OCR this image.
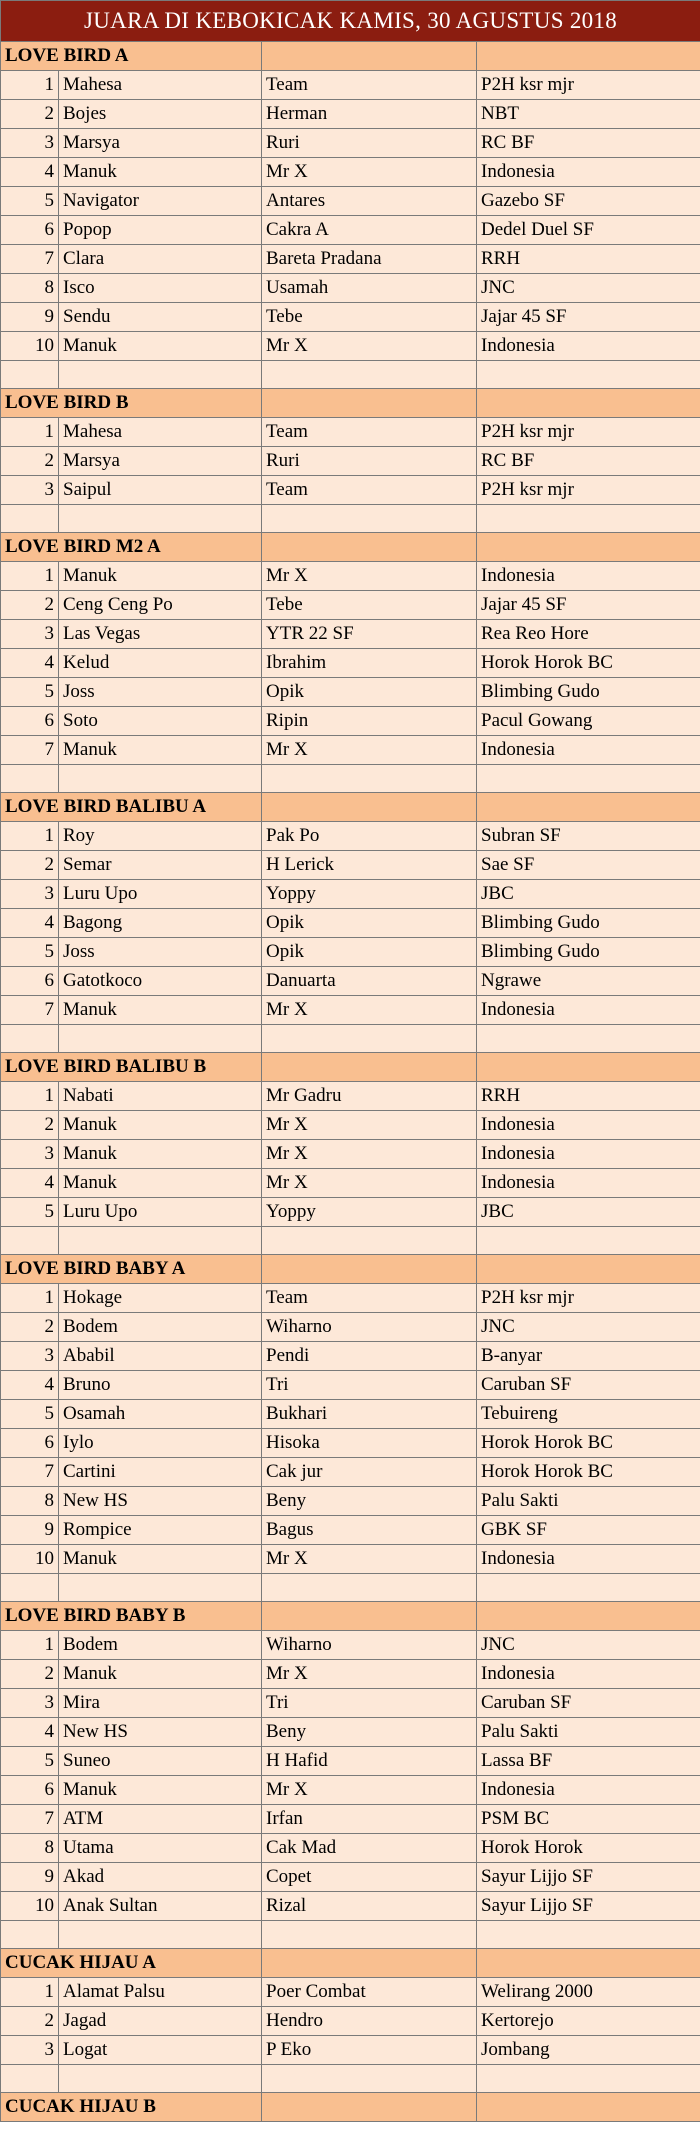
JUARA DI KEBOKICAK KAMIS, 30 AGUSTUS 2018			
LOVE BIRD A			
1	Mahesa	Team	P2H ksr mjr
2	Bojes	Herman	NBT
3	Marsya	Ruri	RC BF
4	Manuk	Mr X	Indonesia
5	Navigator	Antares	Gazebo SF
6	Popop	Cakra A	Dedel Duel SF
7	Clara	Bareta Pradana	RRH
8	Isco	Usamah	JNC
9	Sendu	Tebe	Jajar 45 SF
10	Manuk	Mr X	Indonesia

LOVE BIRD B			
1	Mahesa	Team	P2H ksr mjr
2	Marsya	Ruri	RC BF
3	Saipul	Team	P2H ksr mjr

LOVE BIRD M2 A			
1	Manuk	Mr X	Indonesia
2	Ceng Ceng Po	Tebe	Jajar 45 SF
3	Las Vegas	YTR 22 SF	Rea Reo Hore
4	Kelud	Ibrahim	Horok Horok BC
5	Joss	Opik	Blimbing Gudo
6	Soto	Ripin	Pacul Gowang
7	Manuk	Mr X	Indonesia

LOVE BIRD BALIBU A			
1	Roy	Pak Po	Subran SF
2	Semar	H Lerick	Sae SF
3	Luru Upo	Yoppy	JBC
4	Bagong	Opik	Blimbing Gudo
5	Joss	Opik	Blimbing Gudo
6	Gatotkoco	Danuarta	Ngrawe
7	Manuk	Mr X	Indonesia

LOVE BIRD BALIBU B			
1	Nabati	Mr Gadru	RRH
2	Manuk	Mr X	Indonesia
3	Manuk	Mr X	Indonesia
4	Manuk	Mr X	Indonesia
5	Luru Upo	Yoppy	JBC

LOVE BIRD BABY A			
1	Hokage	Team	P2H ksr mjr
2	Bodem	Wiharno	JNC
3	Ababil	Pendi	B-anyar
4	Bruno	Tri	Caruban SF
5	Osamah	Bukhari	Tebuireng
6	Iylo	Hisoka	Horok Horok BC
7	Cartini	Cak jur	Horok Horok BC
8	New HS	Beny	Palu Sakti
9	Rompice	Bagus	GBK SF
10	Manuk	Mr X	Indonesia

LOVE BIRD BABY B			
1	Bodem	Wiharno	JNC
2	Manuk	Mr X	Indonesia
3	Mira	Tri	Caruban SF
4	New HS	Beny	Palu Sakti
5	Suneo	H Hafid	Lassa BF
6	Manuk	Mr X	Indonesia
7	ATM	Irfan	PSM BC
8	Utama	Cak Mad	Horok Horok
9	Akad	Copet	Sayur Lijjo SF
10	Anak Sultan	Rizal	Sayur Lijjo SF

CUCAK HIJAU A			
1	Alamat Palsu	Poer Combat	Welirang 2000
2	Jagad	Hendro	Kertorejo
3	Logat	P Eko	Jombang

CUCAK HIJAU B			
